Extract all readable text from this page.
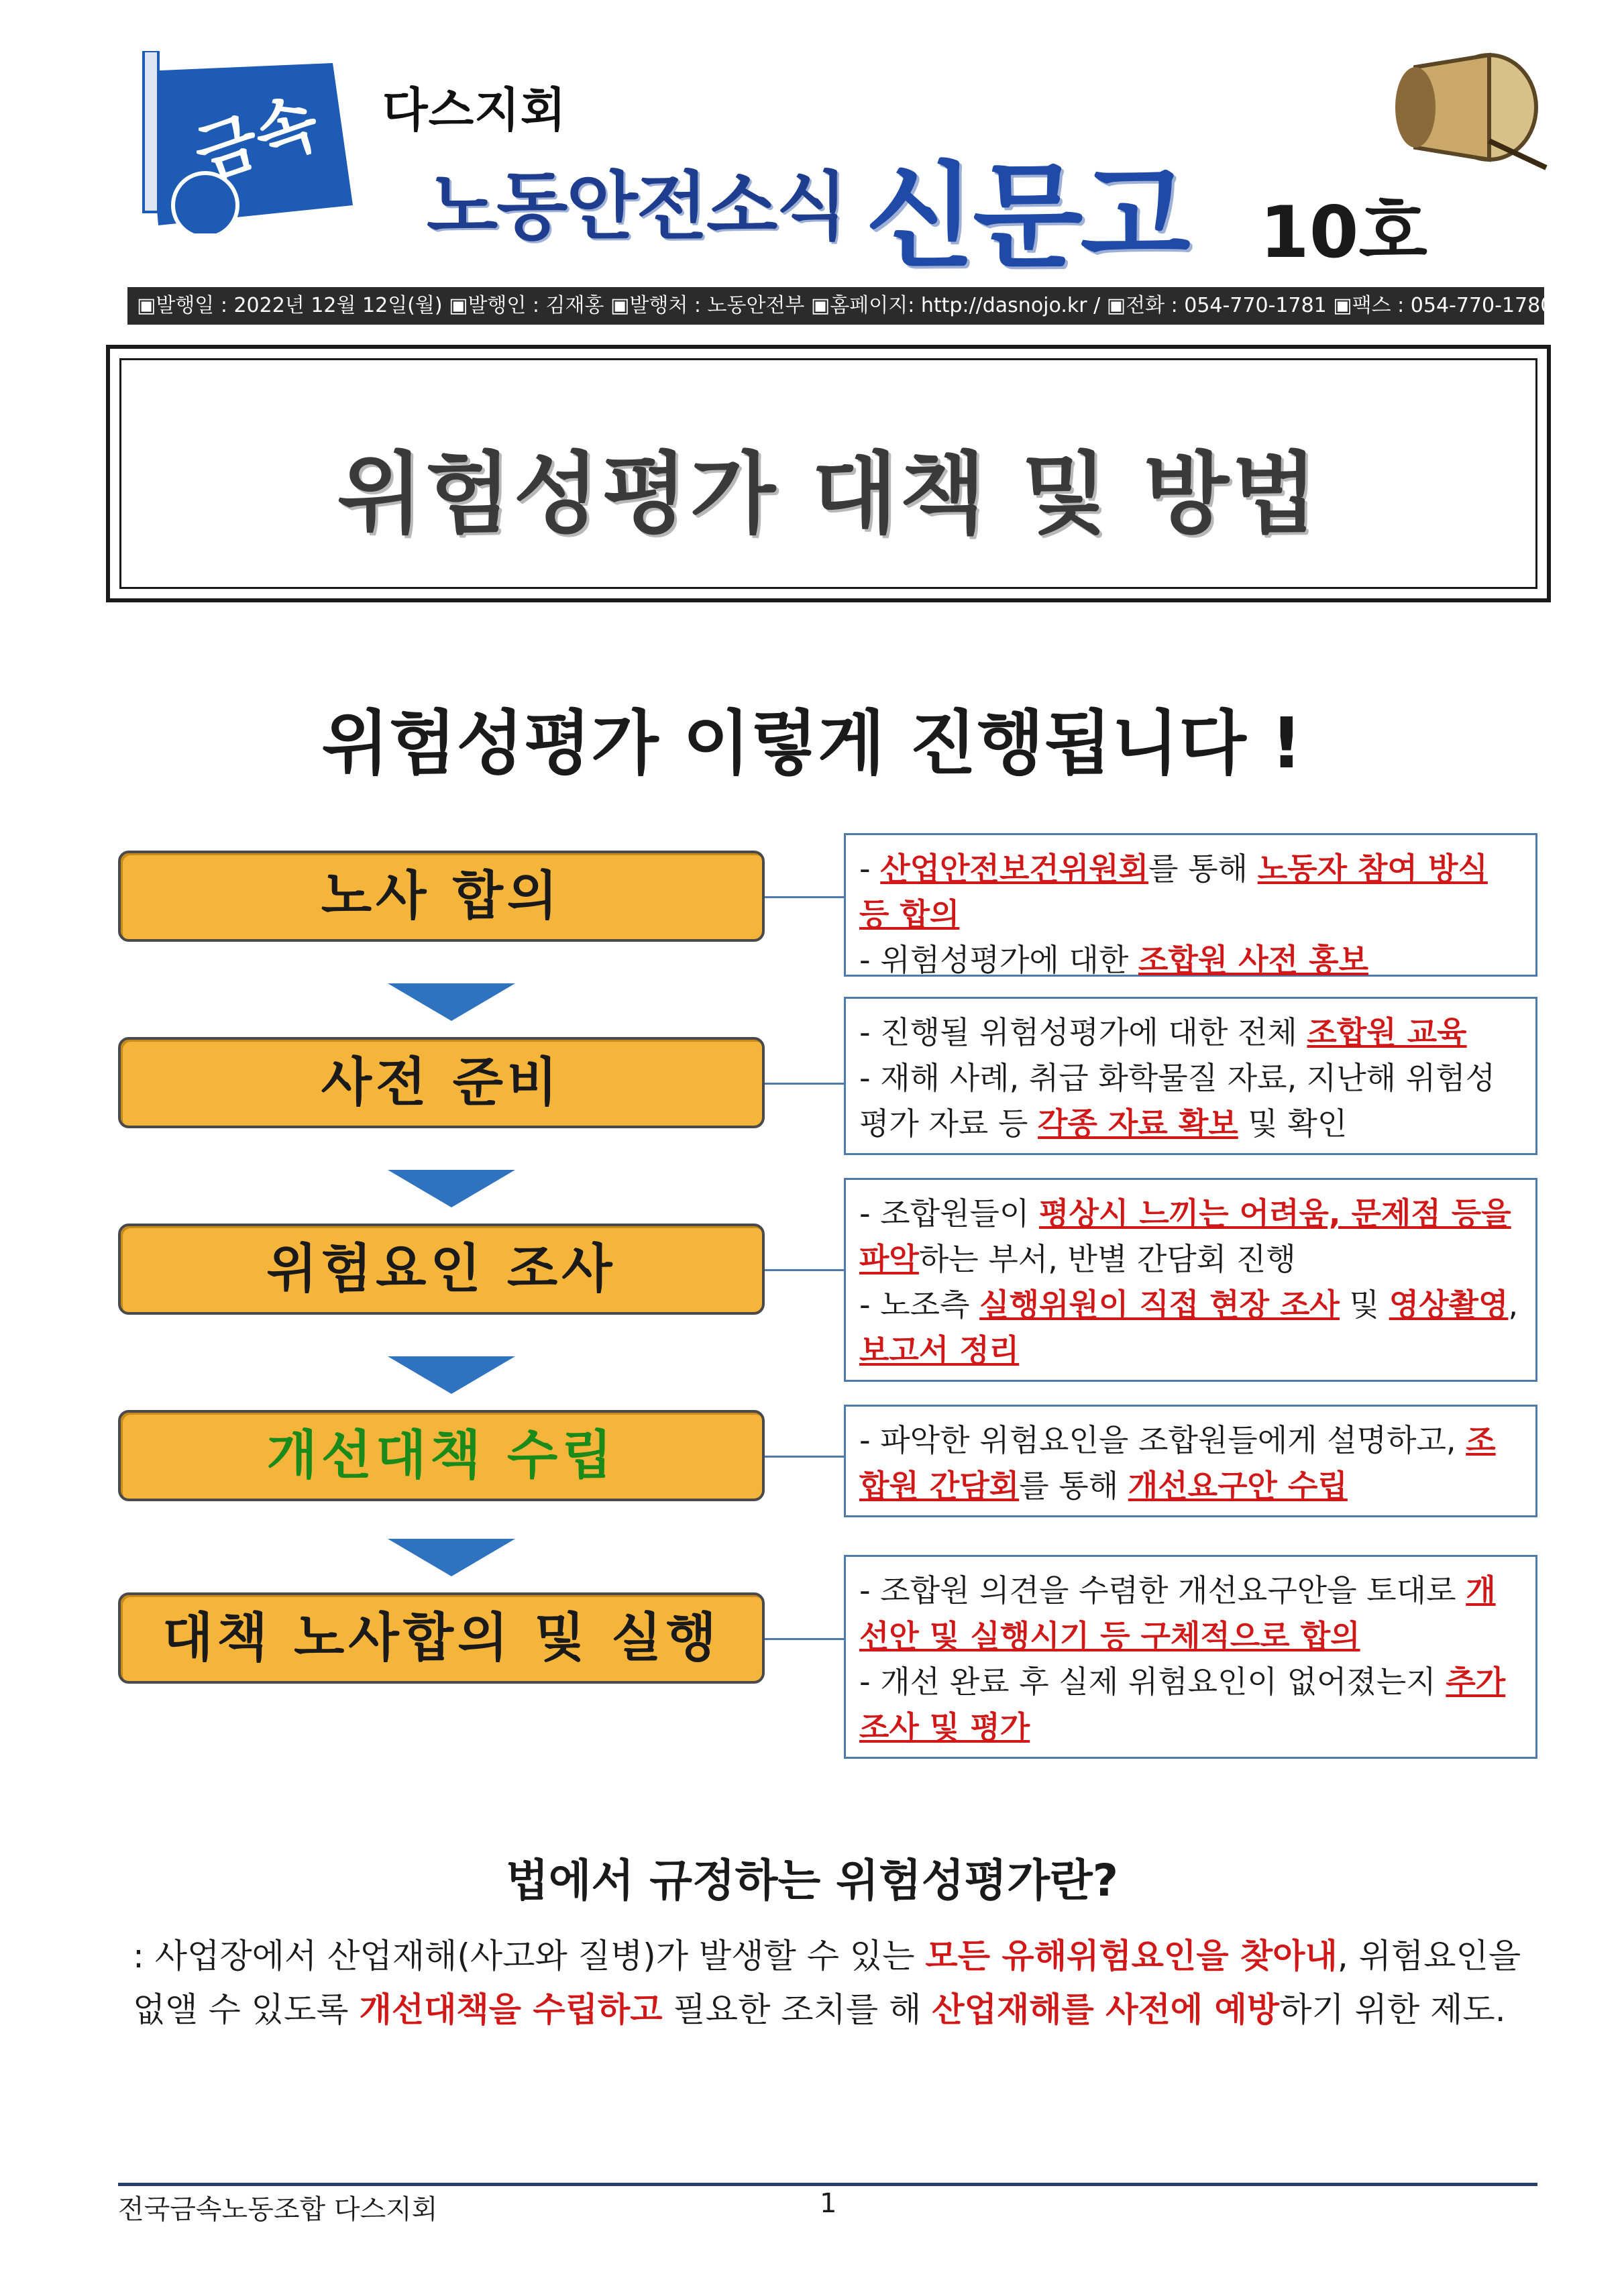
금속 다스지회
노동안전소식 신문고 10호
▣발행일 : 2022년 12월 12일(월) ▣발행인 : 김재홍 ▣발행처 : 노동안전부 ▣홈페이지: http://dasnojo.kr / ▣전화 : 054-770-1781 ▣팩스 : 054-770-1780
위험성평가 대책 및 방법
위험성평가 이렇게 진행됩니다 !
노사 합의
사전 준비
위험요인 조사
개선대책 수립
대책 노사합의 및 실행
- 산업안전보건위원회를 통해 노동자 참여 방식 등 합의
- 위험성평가에 대한 조합원 사전 홍보
- 진행될 위험성평가에 대한 전체 조합원 교육
- 재해 사례, 취급 화학물질 자료, 지난해 위험성평가 자료 등 각종 자료 확보 및 확인
- 조합원들이 평상시 느끼는 어려움, 문제점 등을 파악하는 부서, 반별 간담회 진행
- 노조측 실행위원이 직접 현장 조사 및 영상촬영, 보고서 정리
- 파악한 위험요인을 조합원들에게 설명하고, 조합원 간담회를 통해 개선요구안 수립
- 조합원 의견을 수렴한 개선요구안을 토대로 개선안 및 실행시기 등 구체적으로 합의
- 개선 완료 후 실제 위험요인이 없어졌는지 추가 조사 및 평가
법에서 규정하는 위험성평가란?
: 사업장에서 산업재해(사고와 질병)가 발생할 수 있는 모든 유해위험요인을 찾아내, 위험요인을 없앨 수 있도록 개선대책을 수립하고 필요한 조치를 해 산업재해를 사전에 예방하기 위한 제도.
전국금속노동조합 다스지회	1
